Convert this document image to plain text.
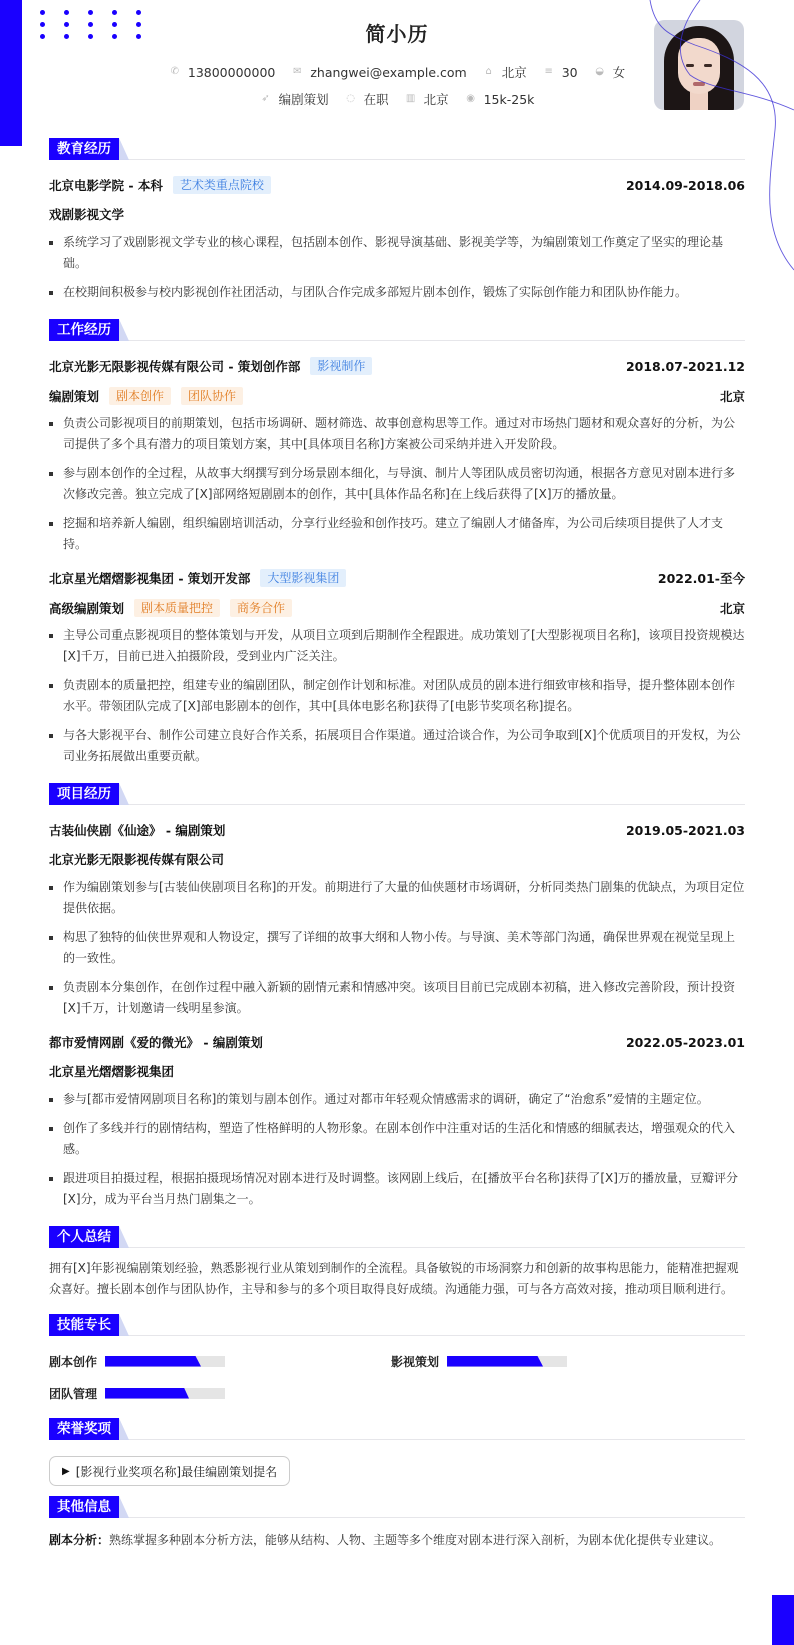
简小历
✆ 13800000000
✉ zhangwei@example.com
⌂ 北京
≡ 30
◒ 女
➶ 编剧策划
◌ 在职
▥ 北京
◉ 15k-25k
教育经历
北京电影学院 - 本科	艺术类重点院校	2014.09-2018.06
戏剧影视文学
系统学习了戏剧影视文学专业的核心课程，包括剧本创作、影视导演基础、影视美学等，为编剧策划工作奠定了坚实的理论基础。
在校期间积极参与校内影视创作社团活动，与团队合作完成多部短片剧本创作，锻炼了实际创作能力和团队协作能力。
工作经历
北京光影无限影视传媒有限公司 - 策划创作部	影视制作	2018.07-2021.12
编剧策划	剧本创作	团队协作	北京
负责公司影视项目的前期策划，包括市场调研、题材筛选、故事创意构思等工作。通过对市场热门题材和观众喜好的分析，为公司提供了多个具有潜力的项目策划方案，其中[具体项目名称]方案被公司采纳并进入开发阶段。
参与剧本创作的全过程，从故事大纲撰写到分场景剧本细化，与导演、制片人等团队成员密切沟通，根据各方意见对剧本进行多次修改完善。独立完成了[X]部网络短剧剧本的创作，其中[具体作品名称]在上线后获得了[X]万的播放量。
挖掘和培养新人编剧，组织编剧培训活动，分享行业经验和创作技巧。建立了编剧人才储备库，为公司后续项目提供了人才支持。
北京星光熠熠影视集团 - 策划开发部	大型影视集团	2022.01-至今
高级编剧策划	剧本质量把控	商务合作	北京
主导公司重点影视项目的整体策划与开发，从项目立项到后期制作全程跟进。成功策划了[大型影视项目名称]，该项目投资规模达[X]千万，目前已进入拍摄阶段，受到业内广泛关注。
负责剧本的质量把控，组建专业的编剧团队，制定创作计划和标准。对团队成员的剧本进行细致审核和指导，提升整体剧本创作水平。带领团队完成了[X]部电影剧本的创作，其中[具体电影名称]获得了[电影节奖项名称]提名。
与各大影视平台、制作公司建立良好合作关系，拓展项目合作渠道。通过洽谈合作，为公司争取到[X]个优质项目的开发权，为公司业务拓展做出重要贡献。
项目经历
古装仙侠剧《仙途》 - 编剧策划	2019.05-2021.03
北京光影无限影视传媒有限公司
作为编剧策划参与[古装仙侠剧项目名称]的开发。前期进行了大量的仙侠题材市场调研，分析同类热门剧集的优缺点，为项目定位提供依据。
构思了独特的仙侠世界观和人物设定，撰写了详细的故事大纲和人物小传。与导演、美术等部门沟通，确保世界观在视觉呈现上的一致性。
负责剧本分集创作，在创作过程中融入新颖的剧情元素和情感冲突。该项目目前已完成剧本初稿，进入修改完善阶段，预计投资[X]千万，计划邀请一线明星参演。
都市爱情网剧《爱的微光》 - 编剧策划	2022.05-2023.01
北京星光熠熠影视集团
参与[都市爱情网剧项目名称]的策划与剧本创作。通过对都市年轻观众情感需求的调研，确定了“治愈系”爱情的主题定位。
创作了多线并行的剧情结构，塑造了性格鲜明的人物形象。在剧本创作中注重对话的生活化和情感的细腻表达，增强观众的代入感。
跟进项目拍摄过程，根据拍摄现场情况对剧本进行及时调整。该网剧上线后，在[播放平台名称]获得了[X]万的播放量，豆瓣评分[X]分，成为平台当月热门剧集之一。
个人总结
拥有[X]年影视编剧策划经验，熟悉影视行业从策划到制作的全流程。具备敏锐的市场洞察力和创新的故事构思能力，能精准把握观众喜好。擅长剧本创作与团队协作，主导和参与的多个项目取得良好成绩。沟通能力强，可与各方高效对接，推动项目顺利进行。
技能专长
剧本创作	影视策划
团队管理
荣誉奖项
▶ [影视行业奖项名称]最佳编剧策划提名
其他信息
剧本分析：熟练掌握多种剧本分析方法，能够从结构、人物、主题等多个维度对剧本进行深入剖析，为剧本优化提供专业建议。
